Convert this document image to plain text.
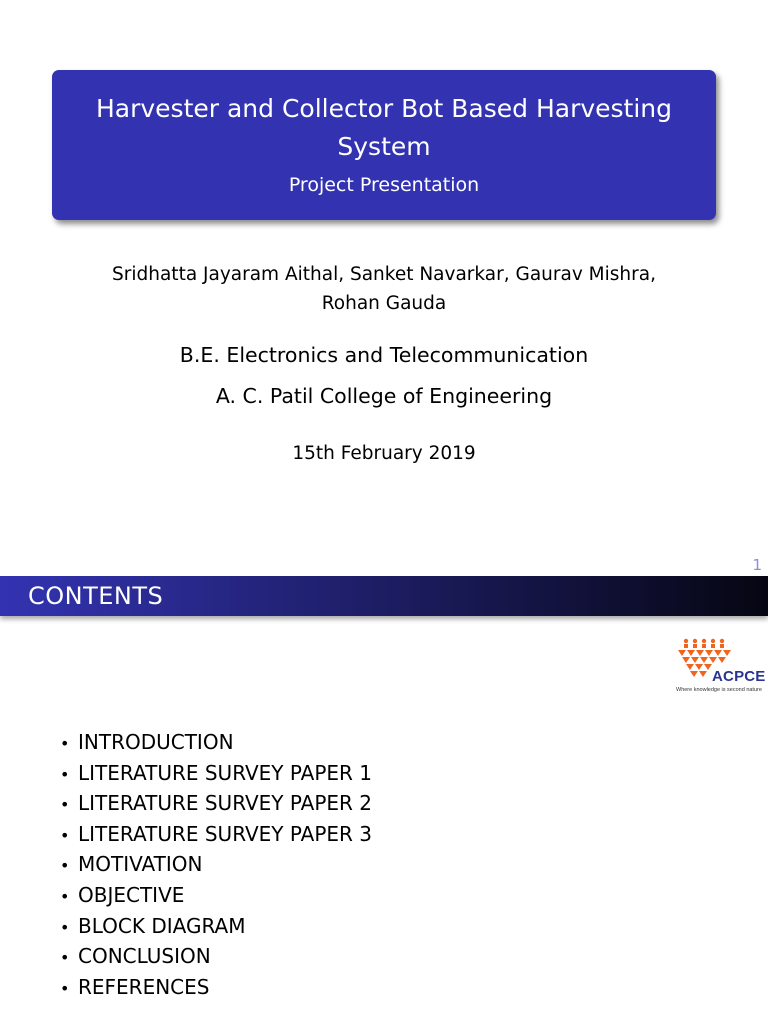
Harvester and Collector Bot Based Harvesting System
Project Presentation
Sridhatta Jayaram Aithal, Sanket Navarkar, Gaurav Mishra,
Rohan Gauda
B.E. Electronics and Telecommunication
A. C. Patil College of Engineering
15th February 2019
1
CONTENTS
ACPCE
Where knowledge is second nature
• INTRODUCTION
• LITERATURE SURVEY PAPER 1
• LITERATURE SURVEY PAPER 2
• LITERATURE SURVEY PAPER 3
• MOTIVATION
• OBJECTIVE
• BLOCK DIAGRAM
• CONCLUSION
• REFERENCES
